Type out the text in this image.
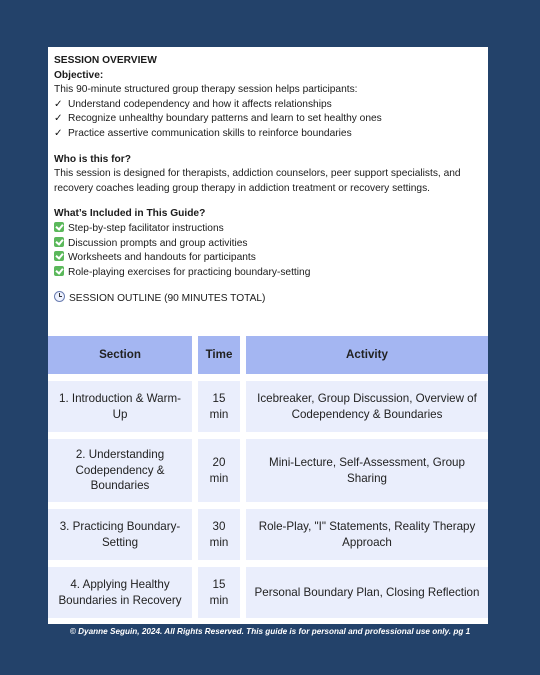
SESSION OVERVIEW
Objective:
This 90-minute structured group therapy session helps participants:
✓ Understand codependency and how it affects relationships
✓ Recognize unhealthy boundary patterns and learn to set healthy ones
✓ Practice assertive communication skills to reinforce boundaries
Who is this for?
This session is designed for therapists, addiction counselors, peer support specialists, and recovery coaches leading group therapy in addiction treatment or recovery settings.
What’s Included in This Guide?
Step-by-step facilitator instructions
Discussion prompts and group activities
Worksheets and handouts for participants
Role-playing exercises for practicing boundary-setting
SESSION OUTLINE (90 MINUTES TOTAL)
Section		Time		Activity

1. Introduction & Warm-Up		15 min		Icebreaker, Group Discussion, Overview of Codependency & Boundaries

2. Understanding Codependency & Boundaries		20 min		Mini-Lecture, Self-Assessment, Group Sharing

3. Practicing Boundary-Setting		30 min		Role-Play, "I" Statements, Reality Therapy Approach

4. Applying Healthy Boundaries in Recovery		15 min		Personal Boundary Plan, Closing Reflection
© Dyanne Seguin, 2024. All Rights Reserved. This guide is for personal and professional use only. pg 1
